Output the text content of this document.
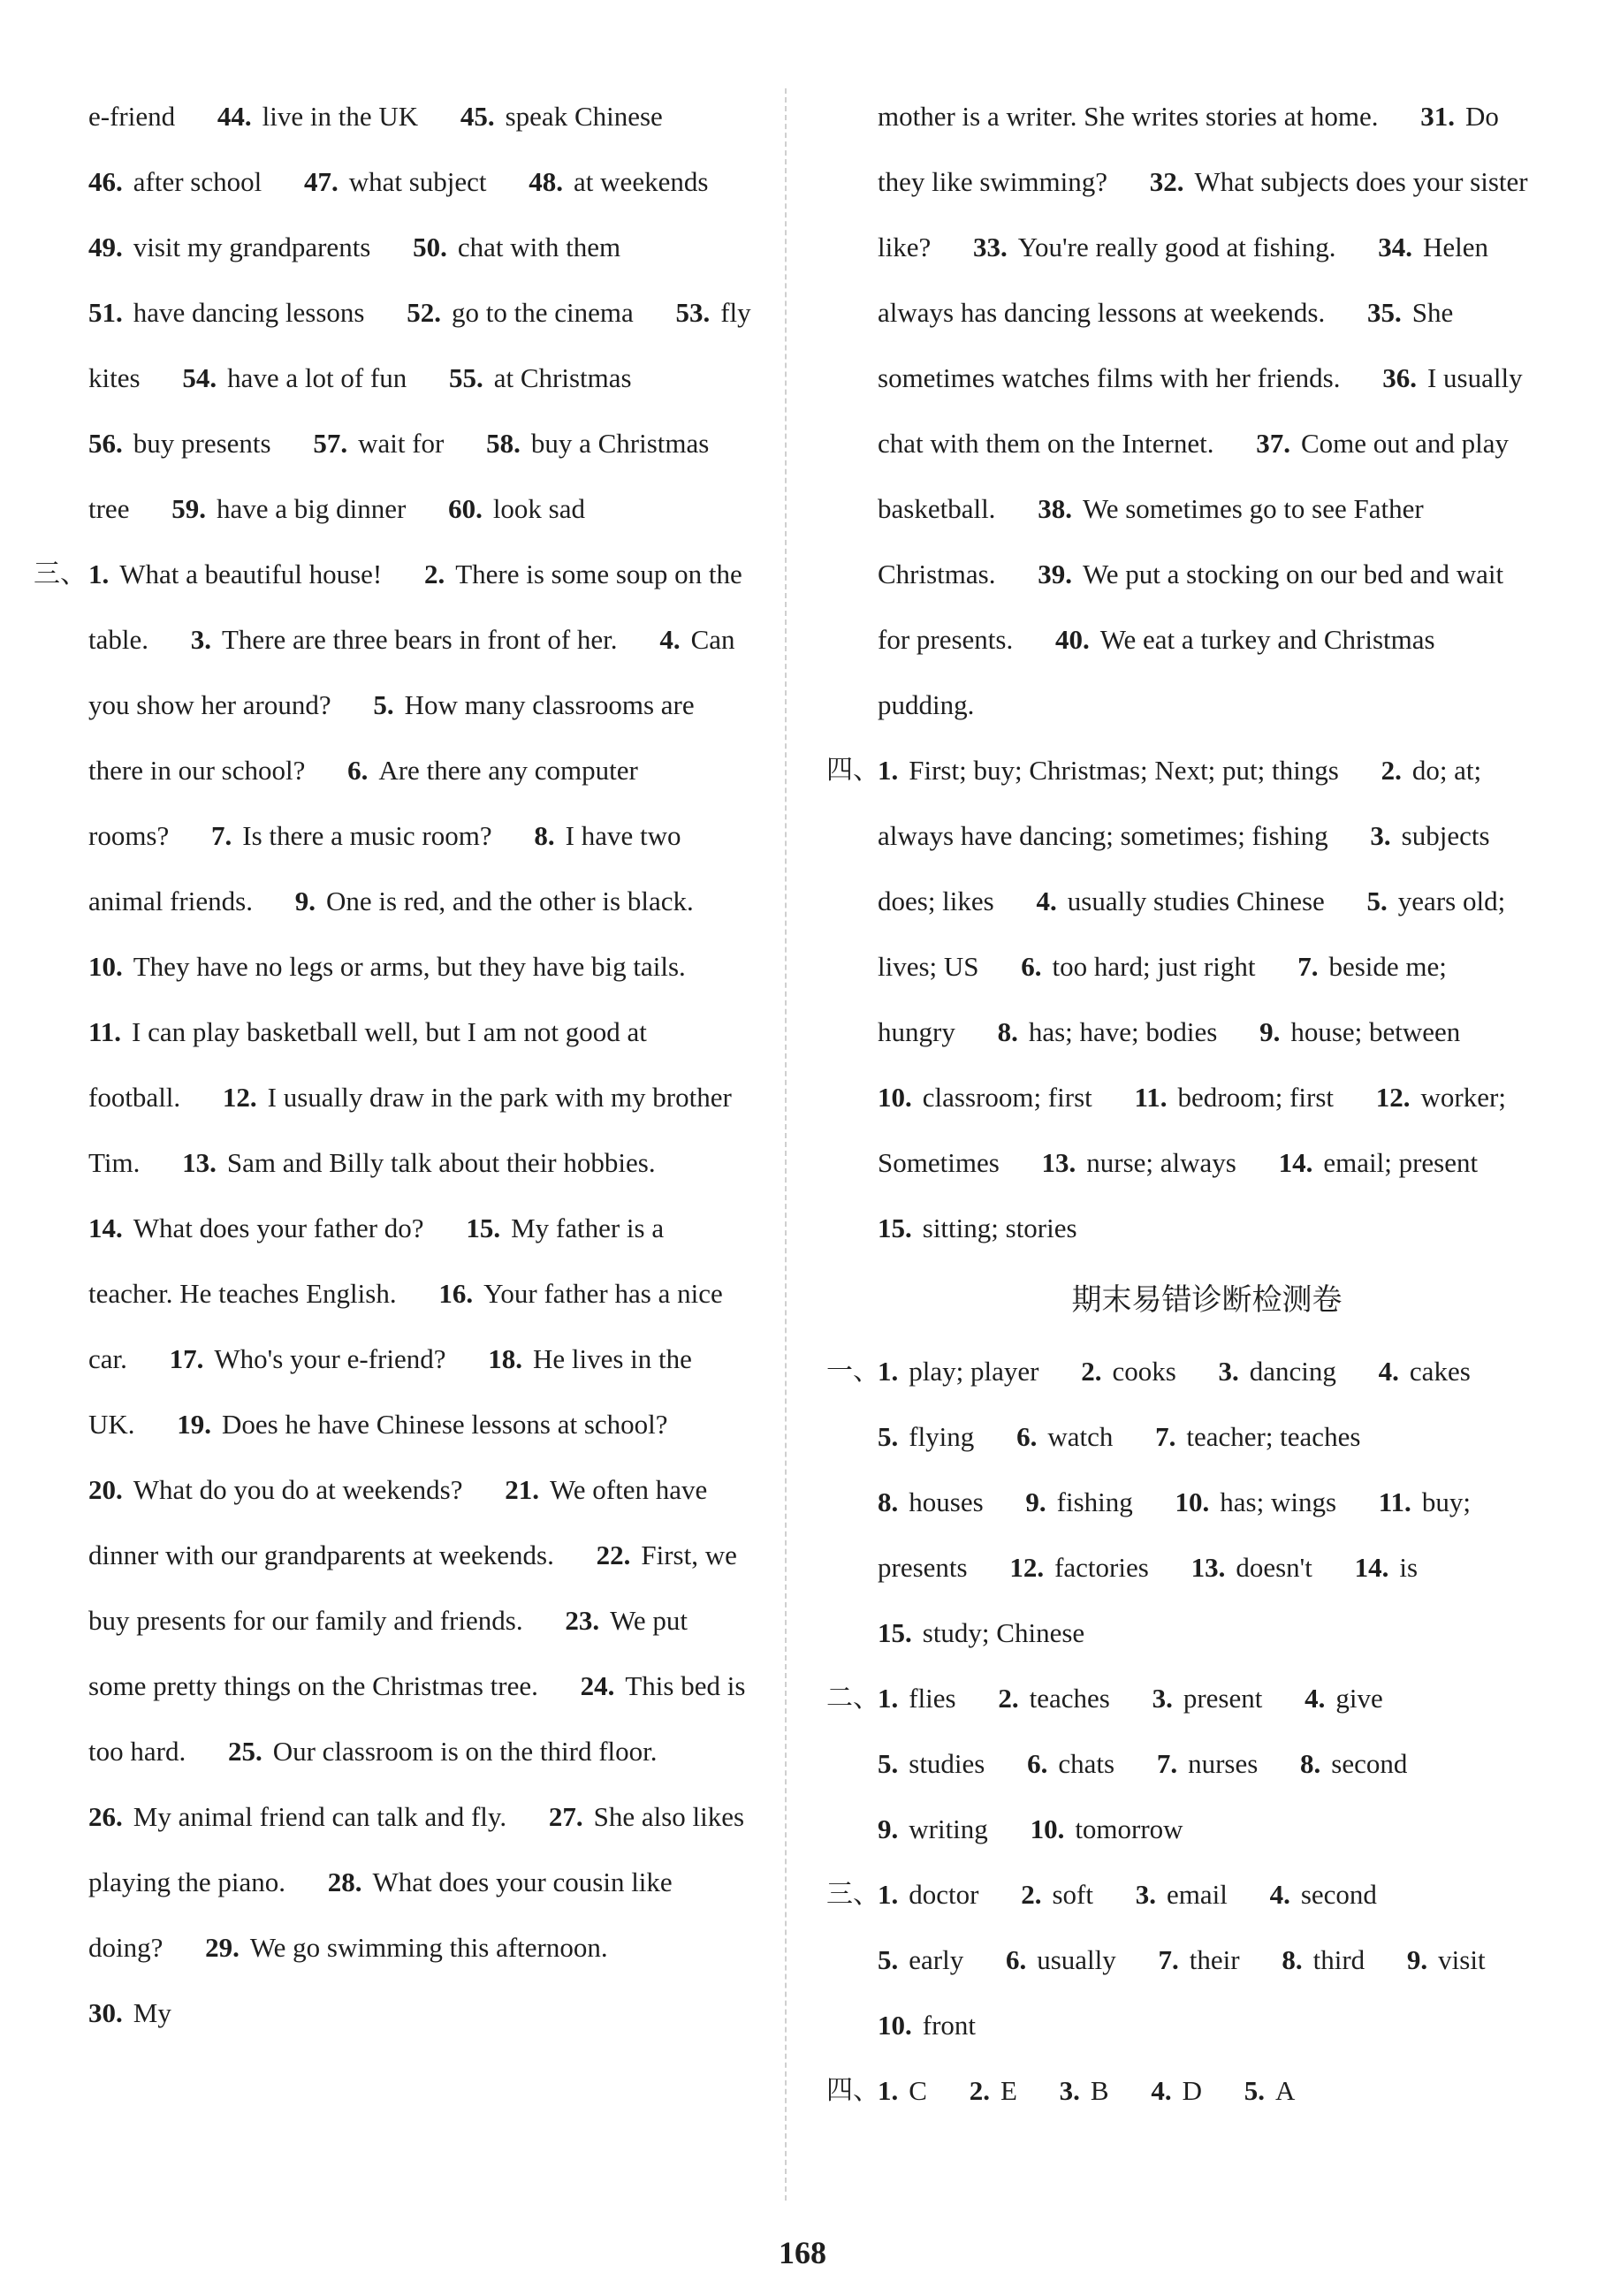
e-friend 44. live in the UK 45. speak Chinese 46. after school 47. what subject 48. at weekends 49. visit my grandparents 50. chat with them 51. have dancing lessons 52. go to the cinema 53. fly kites 54. have a lot of fun 55. at Christmas 56. buy presents 57. wait for 58. buy a Christmas tree 59. have a big dinner 60. look sad
三、 1. What a beautiful house! 2. There is some soup on the table. 3. There are three bears in front of her. 4. Can you show her around? 5. How many classrooms are there in our school? 6. Are there any computer rooms? 7. Is there a music room? 8. I have two animal friends. 9. One is red, and the other is black. 10. They have no legs or arms, but they have big tails. 11. I can play basketball well, but I am not good at football. 12. I usually draw in the park with my brother Tim. 13. Sam and Billy talk about their hobbies. 14. What does your father do? 15. My father is a teacher. He teaches English. 16. Your father has a nice car. 17. Who's your e-friend? 18. He lives in the UK. 19. Does he have Chinese lessons at school? 20. What do you do at weekends? 21. We often have dinner with our grandparents at weekends. 22. First, we buy presents for our family and friends. 23. We put some pretty things on the Christmas tree. 24. This bed is too hard. 25. Our classroom is on the third floor. 26. My animal friend can talk and fly. 27. She also likes playing the piano. 28. What does your cousin like doing? 29. We go swimming this afternoon. 30. My
mother is a writer. She writes stories at home. 31. Do they like swimming? 32. What subjects does your sister like? 33. You're really good at fishing. 34. Helen always has dancing lessons at weekends. 35. She sometimes watches films with her friends. 36. I usually chat with them on the Internet. 37. Come out and play basketball. 38. We sometimes go to see Father Christmas. 39. We put a stocking on our bed and wait for presents. 40. We eat a turkey and Christmas pudding.
四、
1. First; buy; Christmas; Next; put; things 2. do; at; always have dancing; sometimes; fishing 3. subjects does; likes 4. usually studies Chinese 5. years old; lives; US 6. too hard; just right 7. beside me; hungry 8. has; have; bodies 9. house; between 10. classroom; first 11. bedroom; first 12. worker; Sometimes 13. nurse; always 14. email; present 15. sitting; stories
期末易错诊断检测卷
一、
1. play; player 2. cooks 3. dancing 4. cakes 5. flying 6. watch 7. teacher; teaches 8. houses 9. fishing 10. has; wings 11. buy; presents 12. factories 13. doesn't 14. is 15. study; Chinese
二、
1. flies 2. teaches 3. present 4. give 5. studies 6. chats 7. nurses 8. second 9. writing 10. tomorrow
三、
1. doctor 2. soft 3. email 4. second 5. early 6. usually 7. their 8. third 9. visit 10. front
四、
1. C 2. E 3. B 4. D 5. A
168
